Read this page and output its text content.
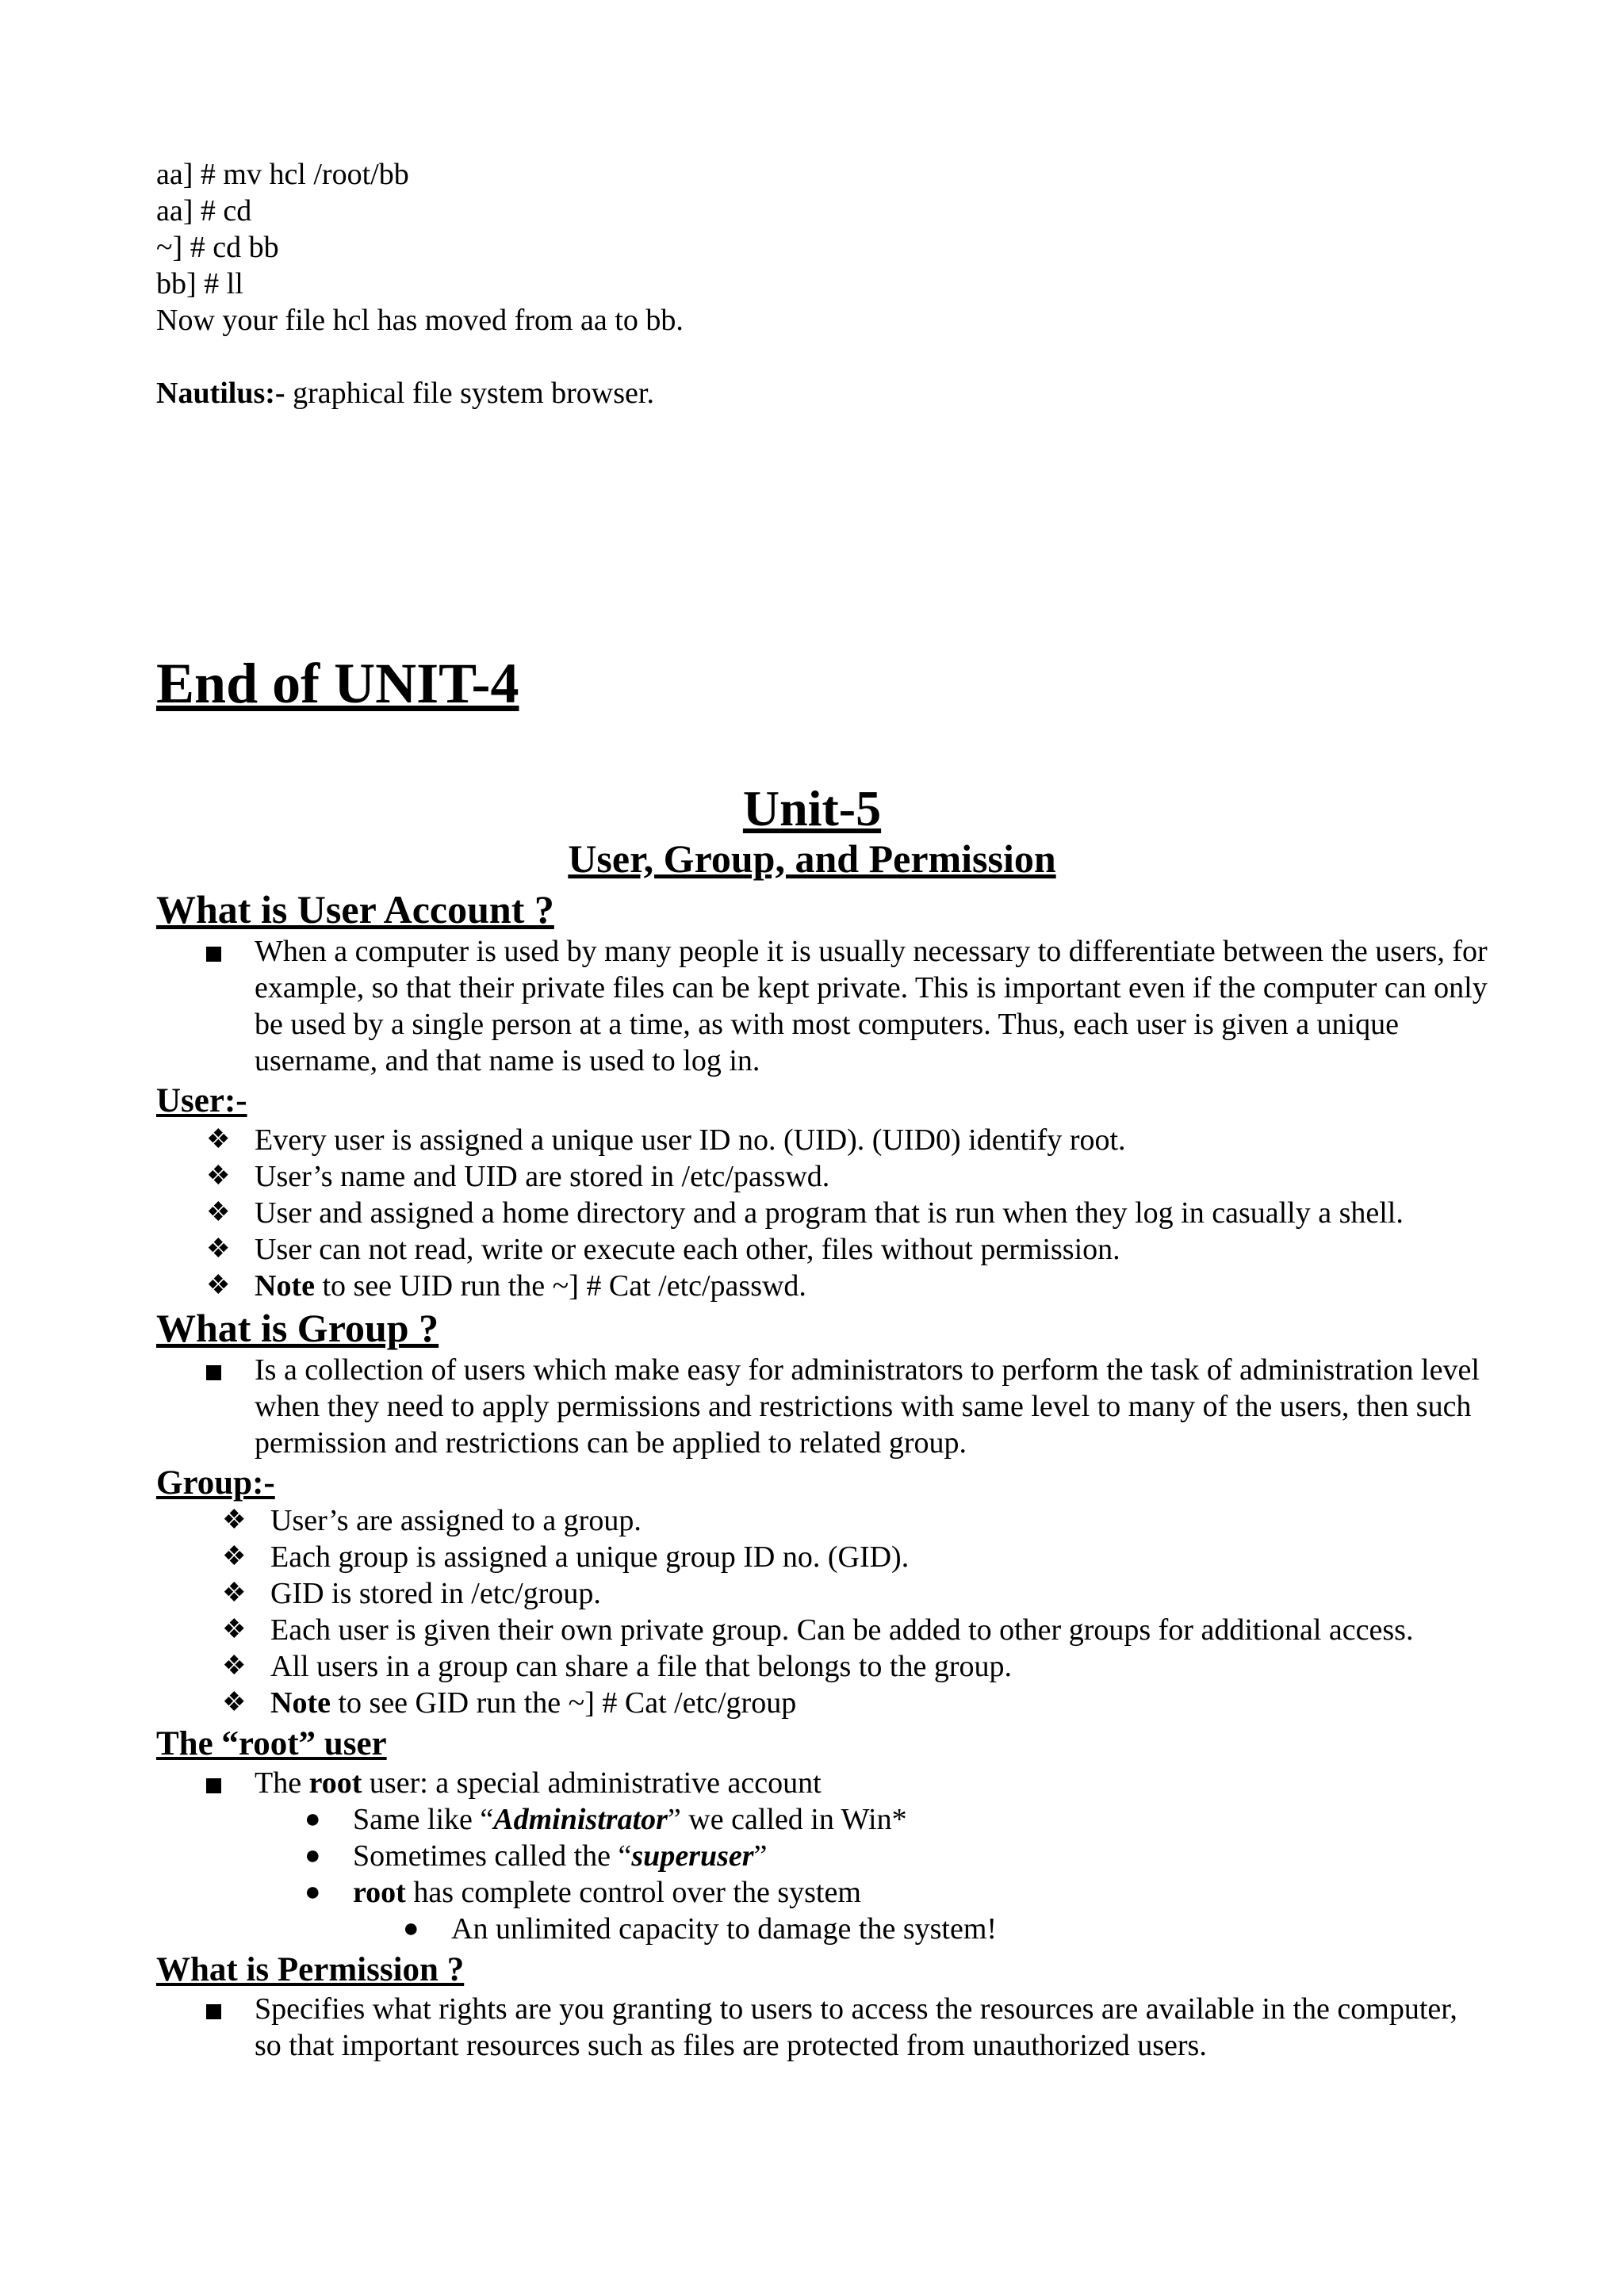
aa] # mv hcl /root/bb

aa] # cd

~] # cd bb

bb] # ll

Now your file hcl has moved from aa to bb.

Nautilus:- graphical file system browser.

End of UNIT-4
Unit-5
User, Group, and Permission
What is User Account ?

When a computer is used by many people it is usually necessary to differentiate between the users, for example, so that their private files can be kept private. This is important even if the computer can only be used by a single person at a time, as with most computers. Thus, each user is given a unique username, and that name is used to log in.

User:-
❖ Every user is assigned a unique user ID no. (UID). (UID0) identify root.

❖ User’s name and UID are stored in /etc/passwd.

❖ User and assigned a home directory and a program that is run when they log in casually a shell.

❖ User can not read, write or execute each other, files without permission.

❖ Note to see UID run the ~] # Cat /etc/passwd.

What is Group ?

Is a collection of users which make easy for administrators to perform the task of administration level when they need to apply permissions and restrictions with same level to many of the users, then such permission and restrictions can be applied to related group.

Group:-
❖ User’s are assigned to a group.

❖ Each group is assigned a unique group ID no. (GID).

❖ GID is stored in /etc/group.

❖ Each user is given their own private group. Can be added to other groups for additional access.

❖ All users in a group can share a file that belongs to the group.

❖ Note to see GID run the ~] # Cat /etc/group

The “root” user

The root user: a special administrative account

● Same like “Administrator” we called in Win*

● Sometimes called the “superuser”

● root has complete control over the system

● An unlimited capacity to damage the system!

What is Permission ?

Specifies what rights are you granting to users to access the resources are available in the computer, so that important resources such as files are protected from unauthorized users.
